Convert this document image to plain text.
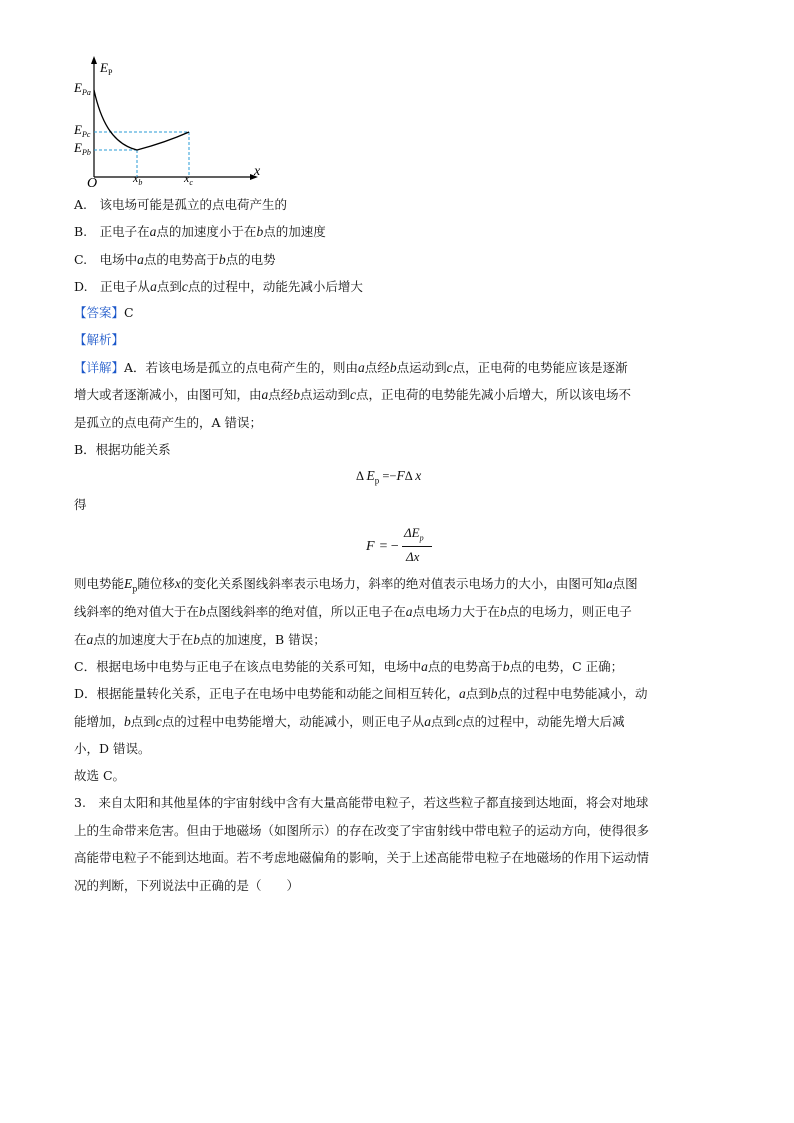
$E_P$
$E_{Pa}$
$E_{Pc}$
$E_{Pb}$
O	$x_b$	$x_c$
x
A.　该电场可能是孤立的点电荷产生的
B.　正电子在a点的加速度小于在b点的加速度
C.　电场中a点的电势高于b点的电势
D.　正电子从a点到c点的过程中，动能先减小后增大
【答案】C
【解析】
【详解】A．若该电场是孤立的点电荷产生的，则由a点经b点运动到c点，正电荷的电势能应该是逐渐
增大或者逐渐减小，由图可知，由a点经b点运动到c点，正电荷的电势能先减小后增大，所以该电场不
是孤立的点电荷产生的，A 错误；
B．根据功能关系
Δ $E_p =-F\Delta$ x
得
F = −
$\Delta E_p$
Δx
则电势能$E_p$随位移x的变化关系图线斜率表示电场力，斜率的绝对值表示电场力的大小，由图可知a点图
线斜率的绝对值大于在b点图线斜率的绝对值，所以正电子在a点电场力大于在b点的电场力，则正电子
在a点的加速度大于在b点的加速度，B 错误；
C．根据电场中电势与正电子在该点电势能的关系可知，电场中a点的电势高于b点的电势，C 正确；
D．根据能量转化关系，正电子在电场中电势能和动能之间相互转化，a点到b点的过程中电势能减小，动
能增加，b点到c点的过程中电势能增大，动能减小，则正电子从a点到c点的过程中，动能先增大后减
小，D 错误。
故选 C。
3.　来自太阳和其他星体的宇宙射线中含有大量高能带电粒子，若这些粒子都直接到达地面，将会对地球
上的生命带来危害。但由于地磁场（如图所示）的存在改变了宇宙射线中带电粒子的运动方向，使得很多
高能带电粒子不能到达地面。若不考虑地磁偏角的影响，关于上述高能带电粒子在地磁场的作用下运动情
况的判断，下列说法中正确的是（　　）
